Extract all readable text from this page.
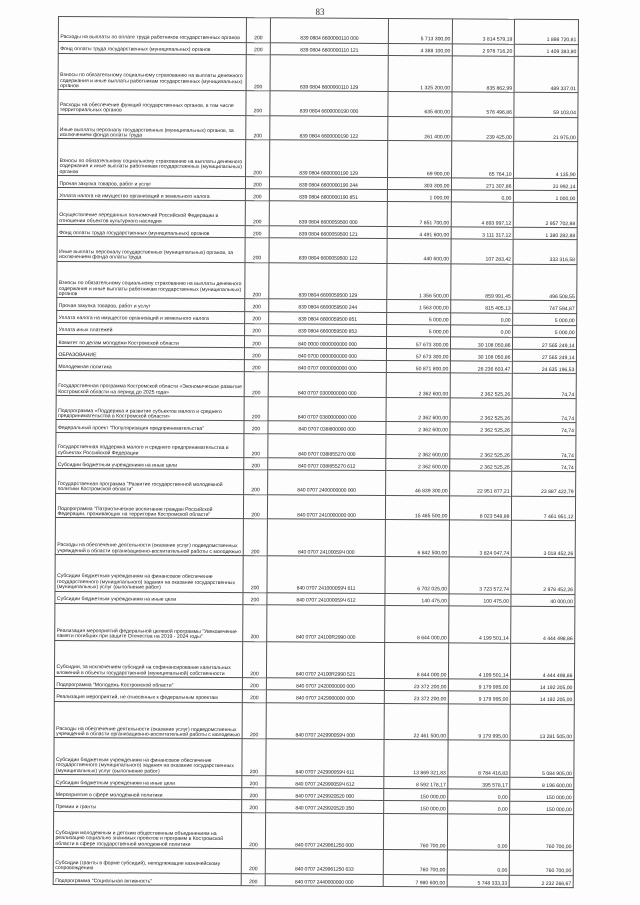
83
Расходы на выплаты по оплате труда работников государственных органов	200	839 0804 6600000110 000	5 713 300,00	3 814 579,19	1 898 720,81
Фонд оплаты труда государственных (муниципальных) органов	200	839 0804 6600000110 121	4 388 100,00	2 978 716,20	1 409 383,80
Взносы по обязательному социальному страхованию на выплаты денежного содержания и иные выплаты работникам государственных (муниципальных) органов	200	839 0804 6600000110 129	1 325 200,00	835 862,99	489 337,01
Расходы на обеспечение функций государственных органов, в том числе территориальных органов	200	839 0804 6600000190 000	635 600,00	576 496,86	59 103,04
Иные выплаты персоналу государственных (муниципальных) органов, за исключением фонда оплаты труда	200	839 0804 6600000190 122	261 400,00	239 425,00	21 975,00
Взносы по обязательному социальному страхованию на выплаты денежного содержания и иные выплаты работникам государственных (муниципальных) органов	200	839 0804 6600000190 129	69 900,00	65 764,10	4 135,90
Прочая закупка товаров, работ и услуг	200	839 0804 6600000190 244	303 300,00	271 307,86	31 992,14
Уплата налога на имущество организаций и земельного налога	200	839 0804 6600000190 851	1 000,00	0,00	1 000,00
Осуществление переданных полномочий Российской Федерации в отношении объектов культурного наследия	200	839 0804 6600059500 000	7 851 700,00	4 893 997,12	2 957 702,88
Фонд оплаты труда государственных (муниципальных) органов	200	839 0804 6600059500 121	4 491 600,00	3 111 317,12	1 380 282,88
Иные выплаты персоналу государственных (муниципальных) органов, за исключением фонда оплаты труда	200	839 0804 6600059500 122	440 600,00	107 283,42	333 316,58
Взносы по обязательному социальному страхованию на выплаты денежного содержания и иные выплаты работникам государственных (муниципальных) органов	200	839 0804 6600059500 129	1 356 500,00	859 991,45	496 508,55
Прочая закупка товаров, работ и услуг	200	839 0804 6600059500 244	1 563 000,00	815 405,13	747 594,87
Уплата налога на имущество организаций и земельного налога	200	839 0804 6600059500 851	5 000,00	0,00	5 000,00
Уплата иных платежей	200	839 0804 6600059500 853	5 000,00	0,00	5 000,00
Комитет по делам молодежи Костромской области	200	840 0000 0000000000 000	57 673 300,00	30 108 050,86	27 565 249,14
ОБРАЗОВАНИЕ	200	840 0700 0000000000 000	57 673 300,00	30 108 050,86	27 565 249,14
Молодежная политика	200	840 0707 0000000000 000	50 871 800,00	26 236 603,47	24 635 196,53
Государственная программа Костромской области «Экономическое развитие Костромской области на период до 2025 года»	200	840 0707 0300000000 000	2 362 600,00	2 362 525,26	74,74
Подпрограмма «Поддержка и развитие субъектов малого и среднего предпринимательства в Костромской области»	200	840 0707 0380000000 000	2 362 600,00	2 362 525,26	74,74
Федеральный проект "Популяризация предпринимательства"	200	840 0707 038I800000 000	2 362 600,00	2 362 525,26	74,74
Государственная поддержка малого и среднего предпринимательства в субъектах Российской Федерации	200	840 0707 038I855270 000	2 362 600,00	2 362 525,26	74,74
Субсидии бюджетным учреждениям на иные цели	200	840 0707 038I855270 612	2 362 600,00	2 362 525,26	74,74
Государственная программа "Развитие государственной молодежной политики Костромской области"	200	840 0707 2400000000 000	46 839 300,00	22 951 877,21	23 887 422,79
Подпрограмма "Патриотическое воспитание граждан Российской Федерации, проживающих на территории Костромской области"	200	840 0707 2410000000 000	15 485 500,00	8 023 548,88	7 461 951,12
Расходы на обеспечение деятельности (оказание услуг) подведомственных учреждений в области организационно-воспитательной работы с молодежью	200	840 0707 24100059Ч 000	6 842 500,00	3 824 047,74	3 018 452,26
Субсидии бюджетным учреждениям на финансовое обеспечение государственного (муниципального) задания на оказание государственных (муниципальных) услуг (выполнение работ)	200	840 0707 241000059Ч 611	6 702 025,00	3 723 572,74	2 978 452,26
Субсидии бюджетным учреждениям на иные цели	200	840 0707 241000059Ч 612	140 475,00	100 475,00	40 000,00
Реализация мероприятий федеральной целевой программы "Увековечение памяти погибших при защите Отечества на 2019 - 2024 годы"	200	840 0707 24100R2990 000	8 644 000,00	4 199 501,14	4 444 498,86
Субсидии, за исключением субсидий на софинансирование капитальных вложений в объекты государственной (муниципальной) собственности	200	840 0707 24100R2990 521	8 644 000,00	4 199 501,14	4 444 498,86
Подпрограмма "Молодежь Костромской области"	200	840 0707 2420000000 000	23 372 200,00	9 179 995,00	14 192 205,00
Реализация мероприятий, не отнесенных к федеральным проектам	200	840 0707 2429900000 000	23 372 200,00	9 179 995,00	14 192 205,00
Расходы на обеспечение деятельности (оказание услуг) подведомственных учреждений в области организационно-воспитательной работы с молодежью	200	840 0707 242990059Ч 000	22 461 500,00	9 179 995,00	13 281 505,00
Субсидии бюджетным учреждениям на финансовое обеспечение государственного (муниципального) задания на оказание государственных (муниципальных) услуг (выполнение работ)	200	840 0707 242990059Ч 611	13 869 321,83	8 784 416,83	5 084 905,00
Субсидии бюджетным учреждениям на иные цели	200	840 0707 242990059Ч 612	8 592 178,17	395 578,17	8 196 600,00
Мероприятия в сфере молодежной политики	200	840 0707 2429920520 000	150 000,00	0,00	150 000,00
Премии и гранты	200	840 0707 2429920520 350	150 000,00	0,00	150 000,00
Субсидии молодежным и детским общественным объединениям на реализацию социально значимых проектов и программ в Костромской области в сфере государственной молодежной политики	200	840 0707 2429961250 000	760 700,00	0,00	760 700,00
Субсидии (гранты в форме субсидий), неподлежащие казначейскому сопровождению	200	840 0707 2429961250 633	760 700,00	0,00	760 700,00
Подпрограмма "Социальная активность"	200	840 0707 2440000000 000	7 980 600,00	5 748 333,33	2 232 266,67
